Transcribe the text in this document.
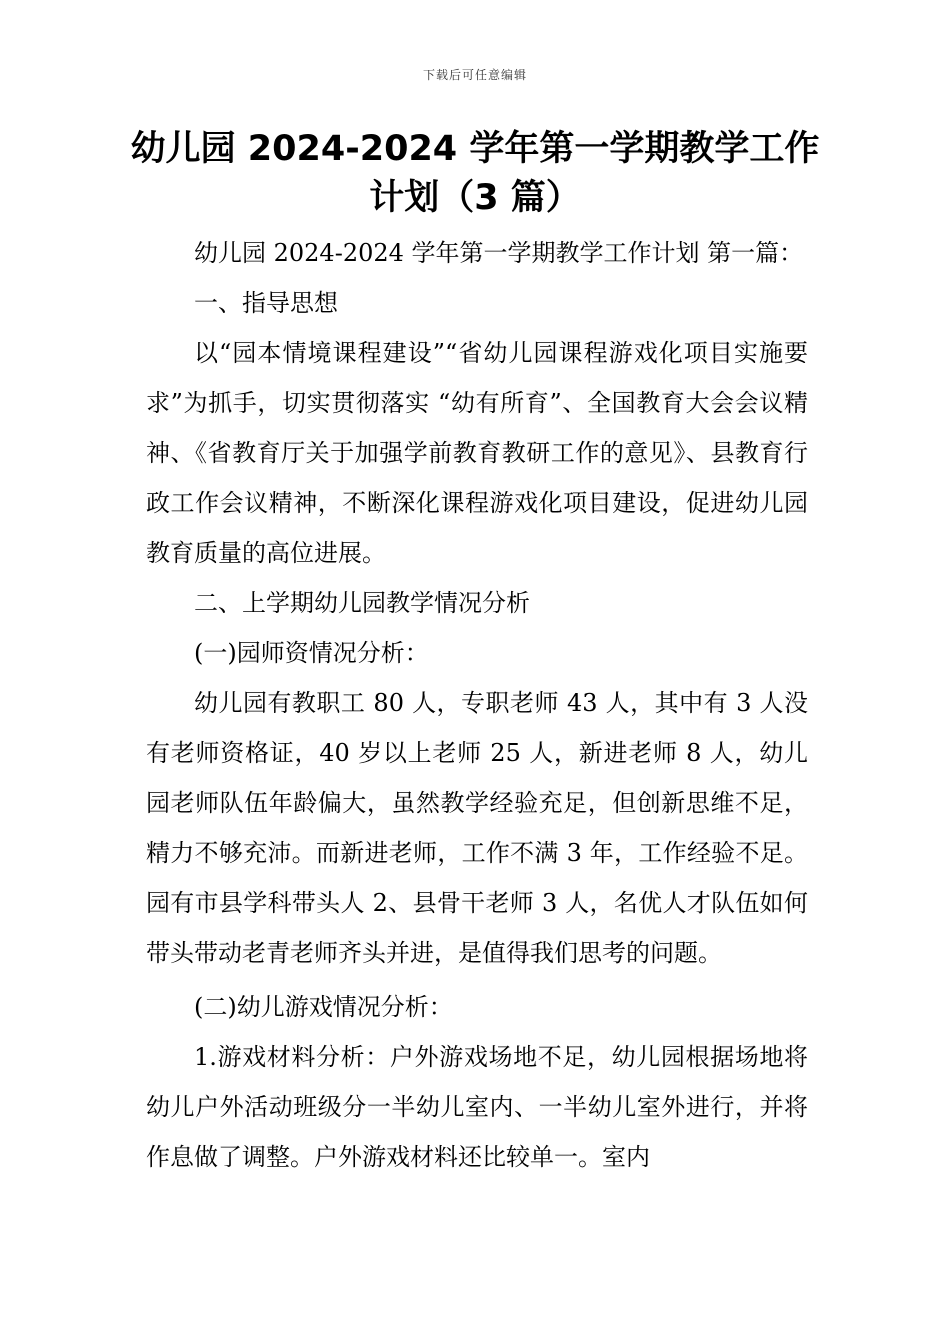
下载后可任意编辑
幼儿园 2024-2024 学年第一学期教学工作
计划（3 篇）

幼儿园 2024-2024 学年第一学期教学工作计划 第一篇：

一、指导思想

以“园本情境课程建设”“省幼儿园课程游戏化项目实施要求”为抓手，切实贯彻落实 “幼有所育”、全国教育大会会议精神、《省教育厅关于加强学前教育教研工作的意见》、县教育行政工作会议精神，不断深化课程游戏化项目建设，促进幼儿园教育质量的高位进展。

二、上学期幼儿园教学情况分析

(一)园师资情况分析：

幼儿园有教职工 80 人，专职老师 43 人，其中有 3 人没有老师资格证，40 岁以上老师 25 人，新进老师 8 人，幼儿园老师队伍年龄偏大，虽然教学经验充足，但创新思维不足，精力不够充沛。而新进老师，工作不满 3 年，工作经验不足。园有市县学科带头人 2、县骨干老师 3 人，名优人才队伍如何带头带动老青老师齐头并进，是值得我们思考的问题。

(二)幼儿游戏情况分析：

1.游戏材料分析：户外游戏场地不足，幼儿园根据场地将幼儿户外活动班级分一半幼儿室内、一半幼儿室外进行，并将作息做了调整。户外游戏材料还比较单一。室内
